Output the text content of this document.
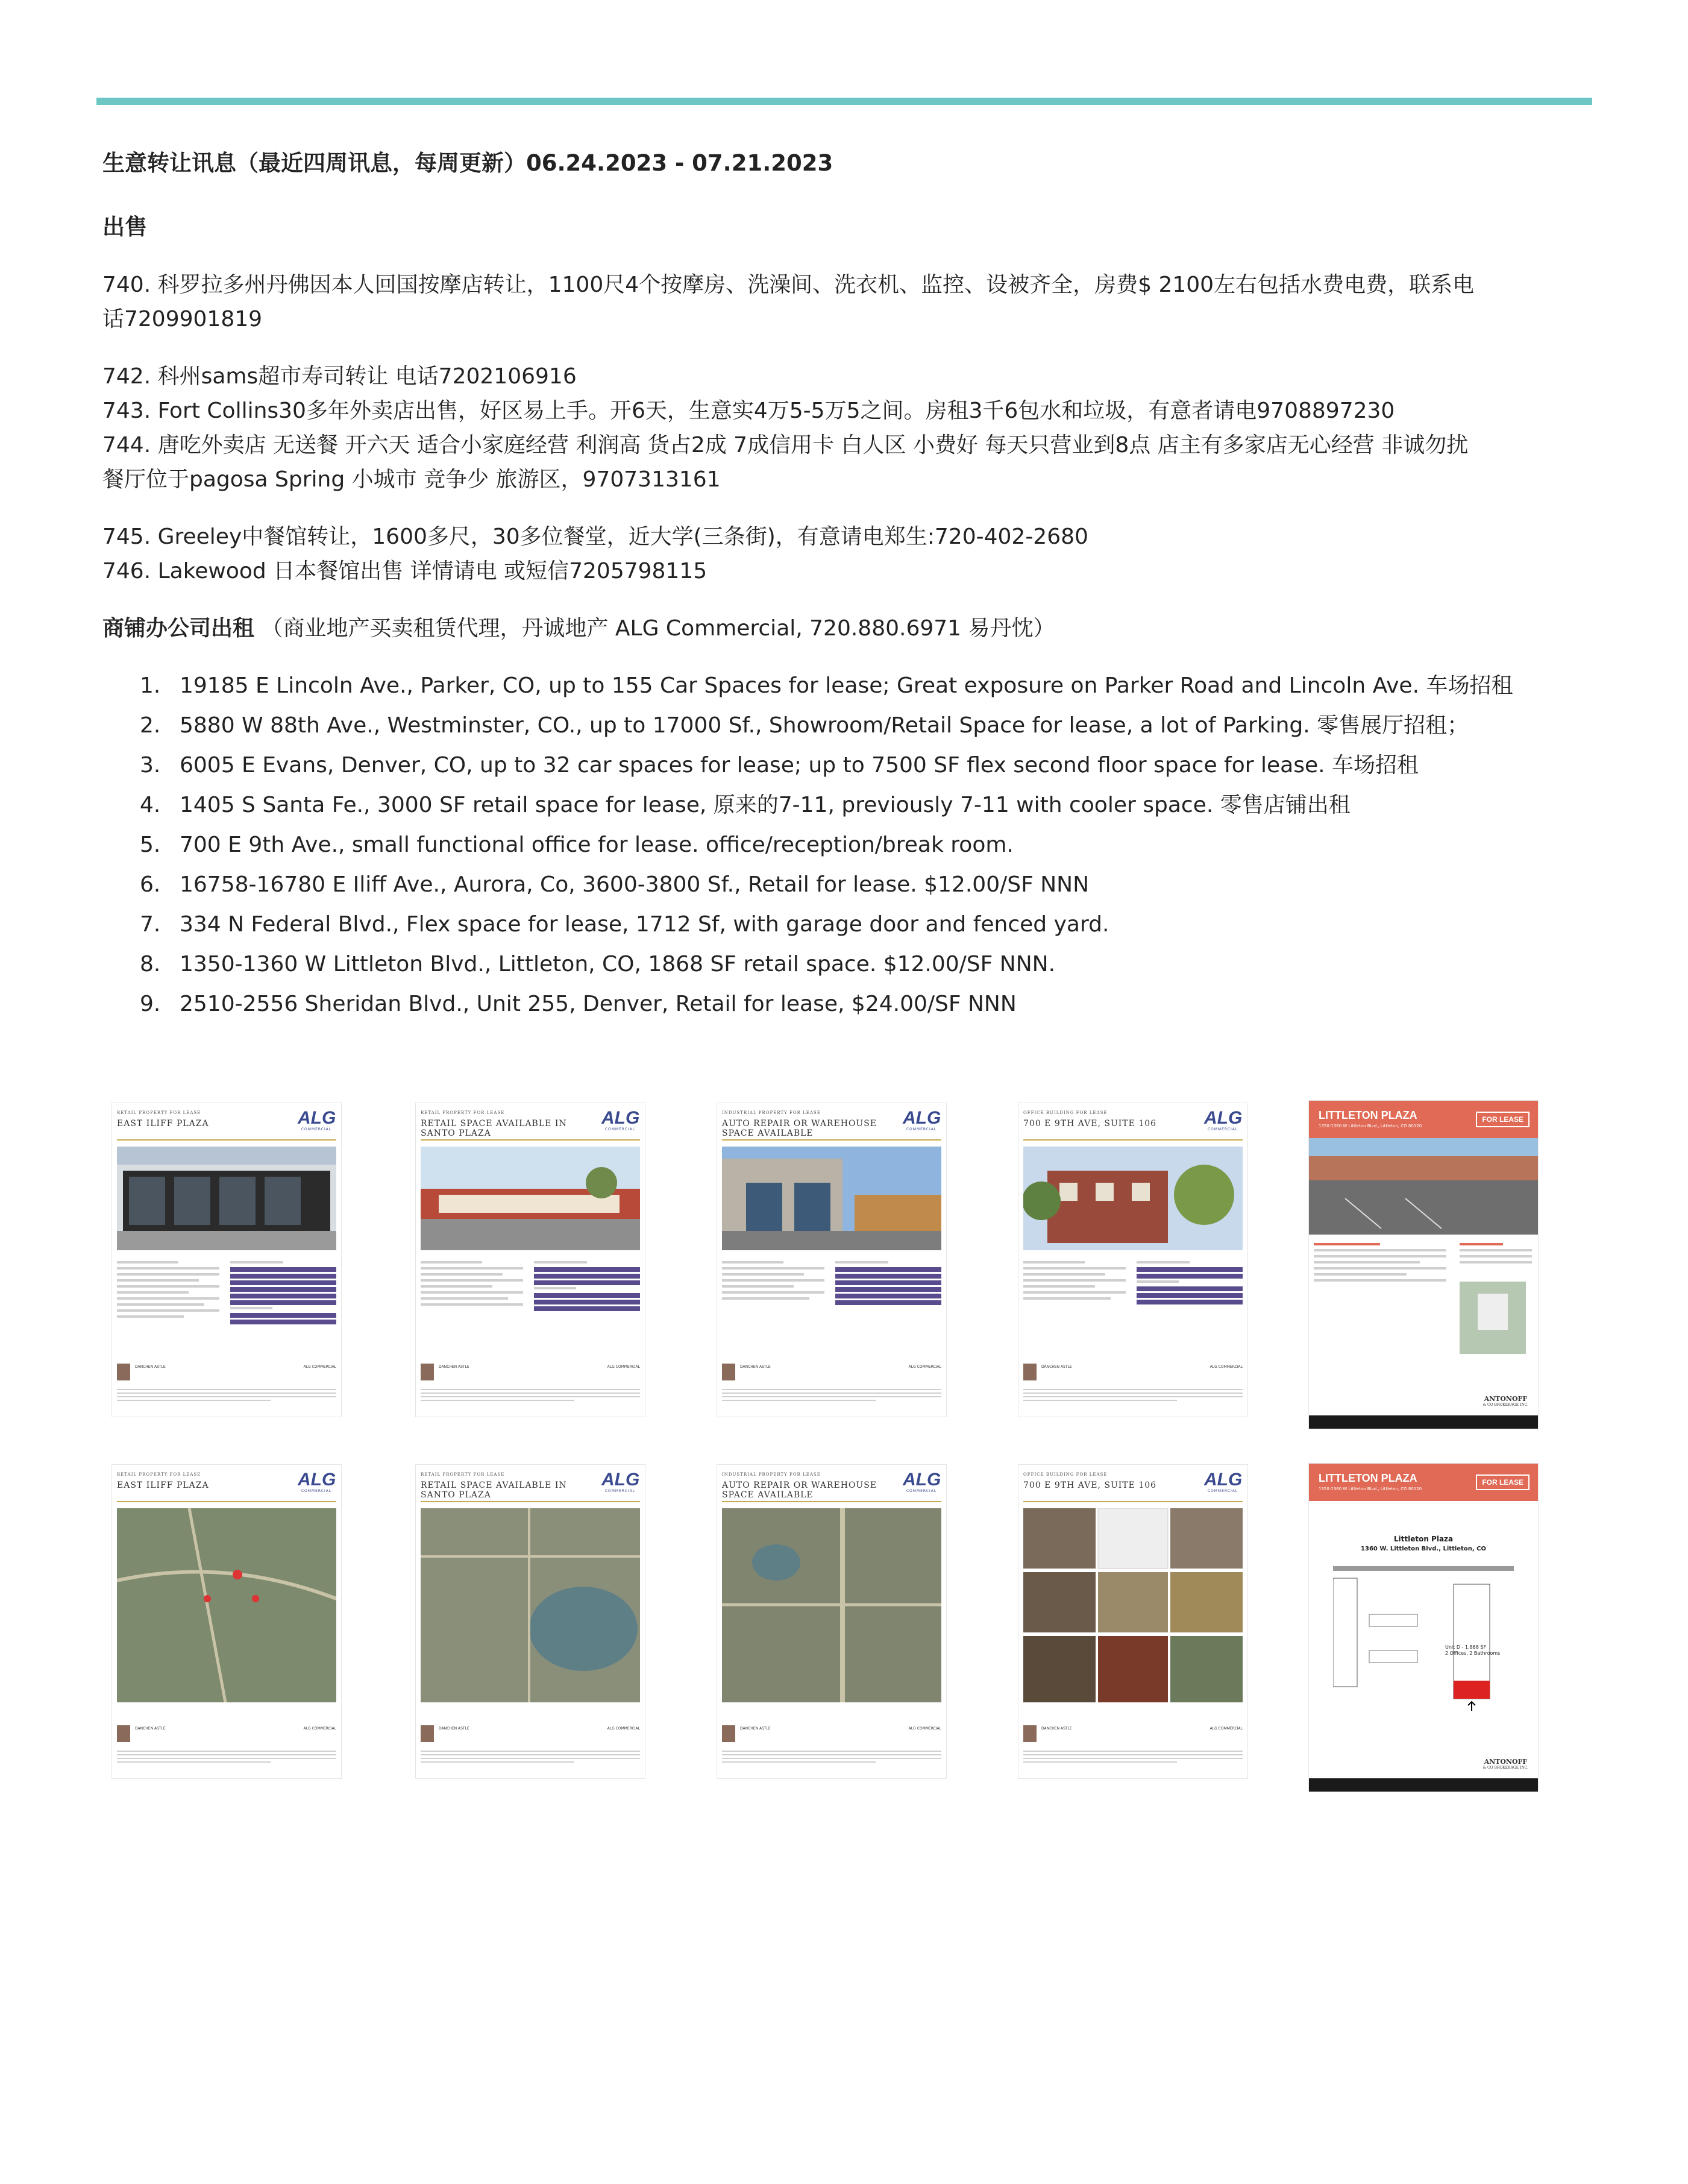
生意转让讯息（最近四周讯息，每周更新）06.24.2023 - 07.21.2023
出售

740. 科罗拉多州丹佛因本人回国按摩店转让，1100尺4个按摩房、洗澡间、洗衣机、监控、设被齐全，房费$ 2100左右包括水费电费，联系电

话7209901819

742. 科州sams超市寿司转让 电话7202106916

743. Fort Collins30多年外卖店出售，好区易上手。开6天，生意实4万5-5万5之间。房租3千6包水和垃圾，有意者请电9708897230

744. 唐吃外卖店 无送餐 开六天 适合小家庭经营 利润高 货占2成 7成信用卡 白人区 小费好 每天只营业到8点 店主有多家店无心经营 非诚勿扰

餐厅位于pagosa Spring 小城市 竞争少 旅游区，9707313161

745. Greeley中餐馆转让，1600多尺，30多位餐堂，近大学(三条街)，有意请电郑生:720-402-2680

746. Lakewood 日本餐馆出售 详情请电 或短信7205798115

商铺办公司出租 （商业地产买卖租赁代理，丹诚地产 ALG Commercial, 720.880.6971 易丹忱）
1. 19185 E Lincoln Ave., Parker, CO, up to 155 Car Spaces for lease; Great exposure on Parker Road and Lincoln Ave. 车场招租
2. 5880 W 88th Ave., Westminster, CO., up to 17000 Sf., Showroom/Retail Space for lease, a lot of Parking. 零售展厅招租；
3. 6005 E Evans, Denver, CO, up to 32 car spaces for lease; up to 7500 SF flex second floor space for lease. 车场招租
4. 1405 S Santa Fe., 3000 SF retail space for lease, 原来的7-11, previously 7-11 with cooler space. 零售店铺出租
5. 700 E 9th Ave., small functional office for lease. office/reception/break room.
6. 16758-16780 E Iliff Ave., Aurora, Co, 3600-3800 Sf., Retail for lease. $12.00/SF NNN
7. 334 N Federal Blvd., Flex space for lease, 1712 Sf, with garage door and fenced yard.
8. 1350-1360 W Littleton Blvd., Littleton, CO, 1868 SF retail space. $12.00/SF NNN.
9. 2510-2556 Sheridan Blvd., Unit 255, Denver, Retail for lease, $24.00/SF NNN
RETAIL PROPERTY FOR LEASE
EAST ILIFF PLAZA	ALG
COMMERCIAL
DANCHEN ASTLE	ALG COMMERCIAL
RETAIL PROPERTY FOR LEASE
RETAIL SPACE AVAILABLE IN SANTO PLAZA
ALG
COMMERCIAL
DANCHEN ASTLE	ALG COMMERCIAL
INDUSTRIAL PROPERTY FOR LEASE
AUTO REPAIR OR WAREHOUSE SPACE AVAILABLE
ALG
COMMERCIAL
DANCHEN ASTLE	ALG COMMERCIAL
OFFICE BUILDING FOR LEASE
700 E 9TH AVE, SUITE 106	ALG
COMMERCIAL
DANCHEN ASTLE	ALG COMMERCIAL
LITTLETON PLAZA
1350-1360 W Littleton Blvd., Littleton, CO 80120
FOR LEASE
ANTONOFF
& CO BROKERAGE INC.
RETAIL PROPERTY FOR LEASE
EAST ILIFF PLAZA	ALG
COMMERCIAL
DANCHEN ASTLE	ALG COMMERCIAL
RETAIL PROPERTY FOR LEASE
RETAIL SPACE AVAILABLE IN SANTO PLAZA
ALG
COMMERCIAL
DANCHEN ASTLE	ALG COMMERCIAL
INDUSTRIAL PROPERTY FOR LEASE
AUTO REPAIR OR WAREHOUSE SPACE AVAILABLE
ALG
COMMERCIAL
DANCHEN ASTLE	ALG COMMERCIAL
OFFICE BUILDING FOR LEASE
700 E 9TH AVE, SUITE 106	ALG
COMMERCIAL
DANCHEN ASTLE	ALG COMMERCIAL
LITTLETON PLAZA
1350-1360 W Littleton Blvd., Littleton, CO 80120
FOR LEASE
Littleton Plaza
1360 W. Littleton Blvd., Littleton, CO
Unit D - 1,868 SF
2 Offices, 2 Bathrooms
ANTONOFF
& CO BROKERAGE INC.
